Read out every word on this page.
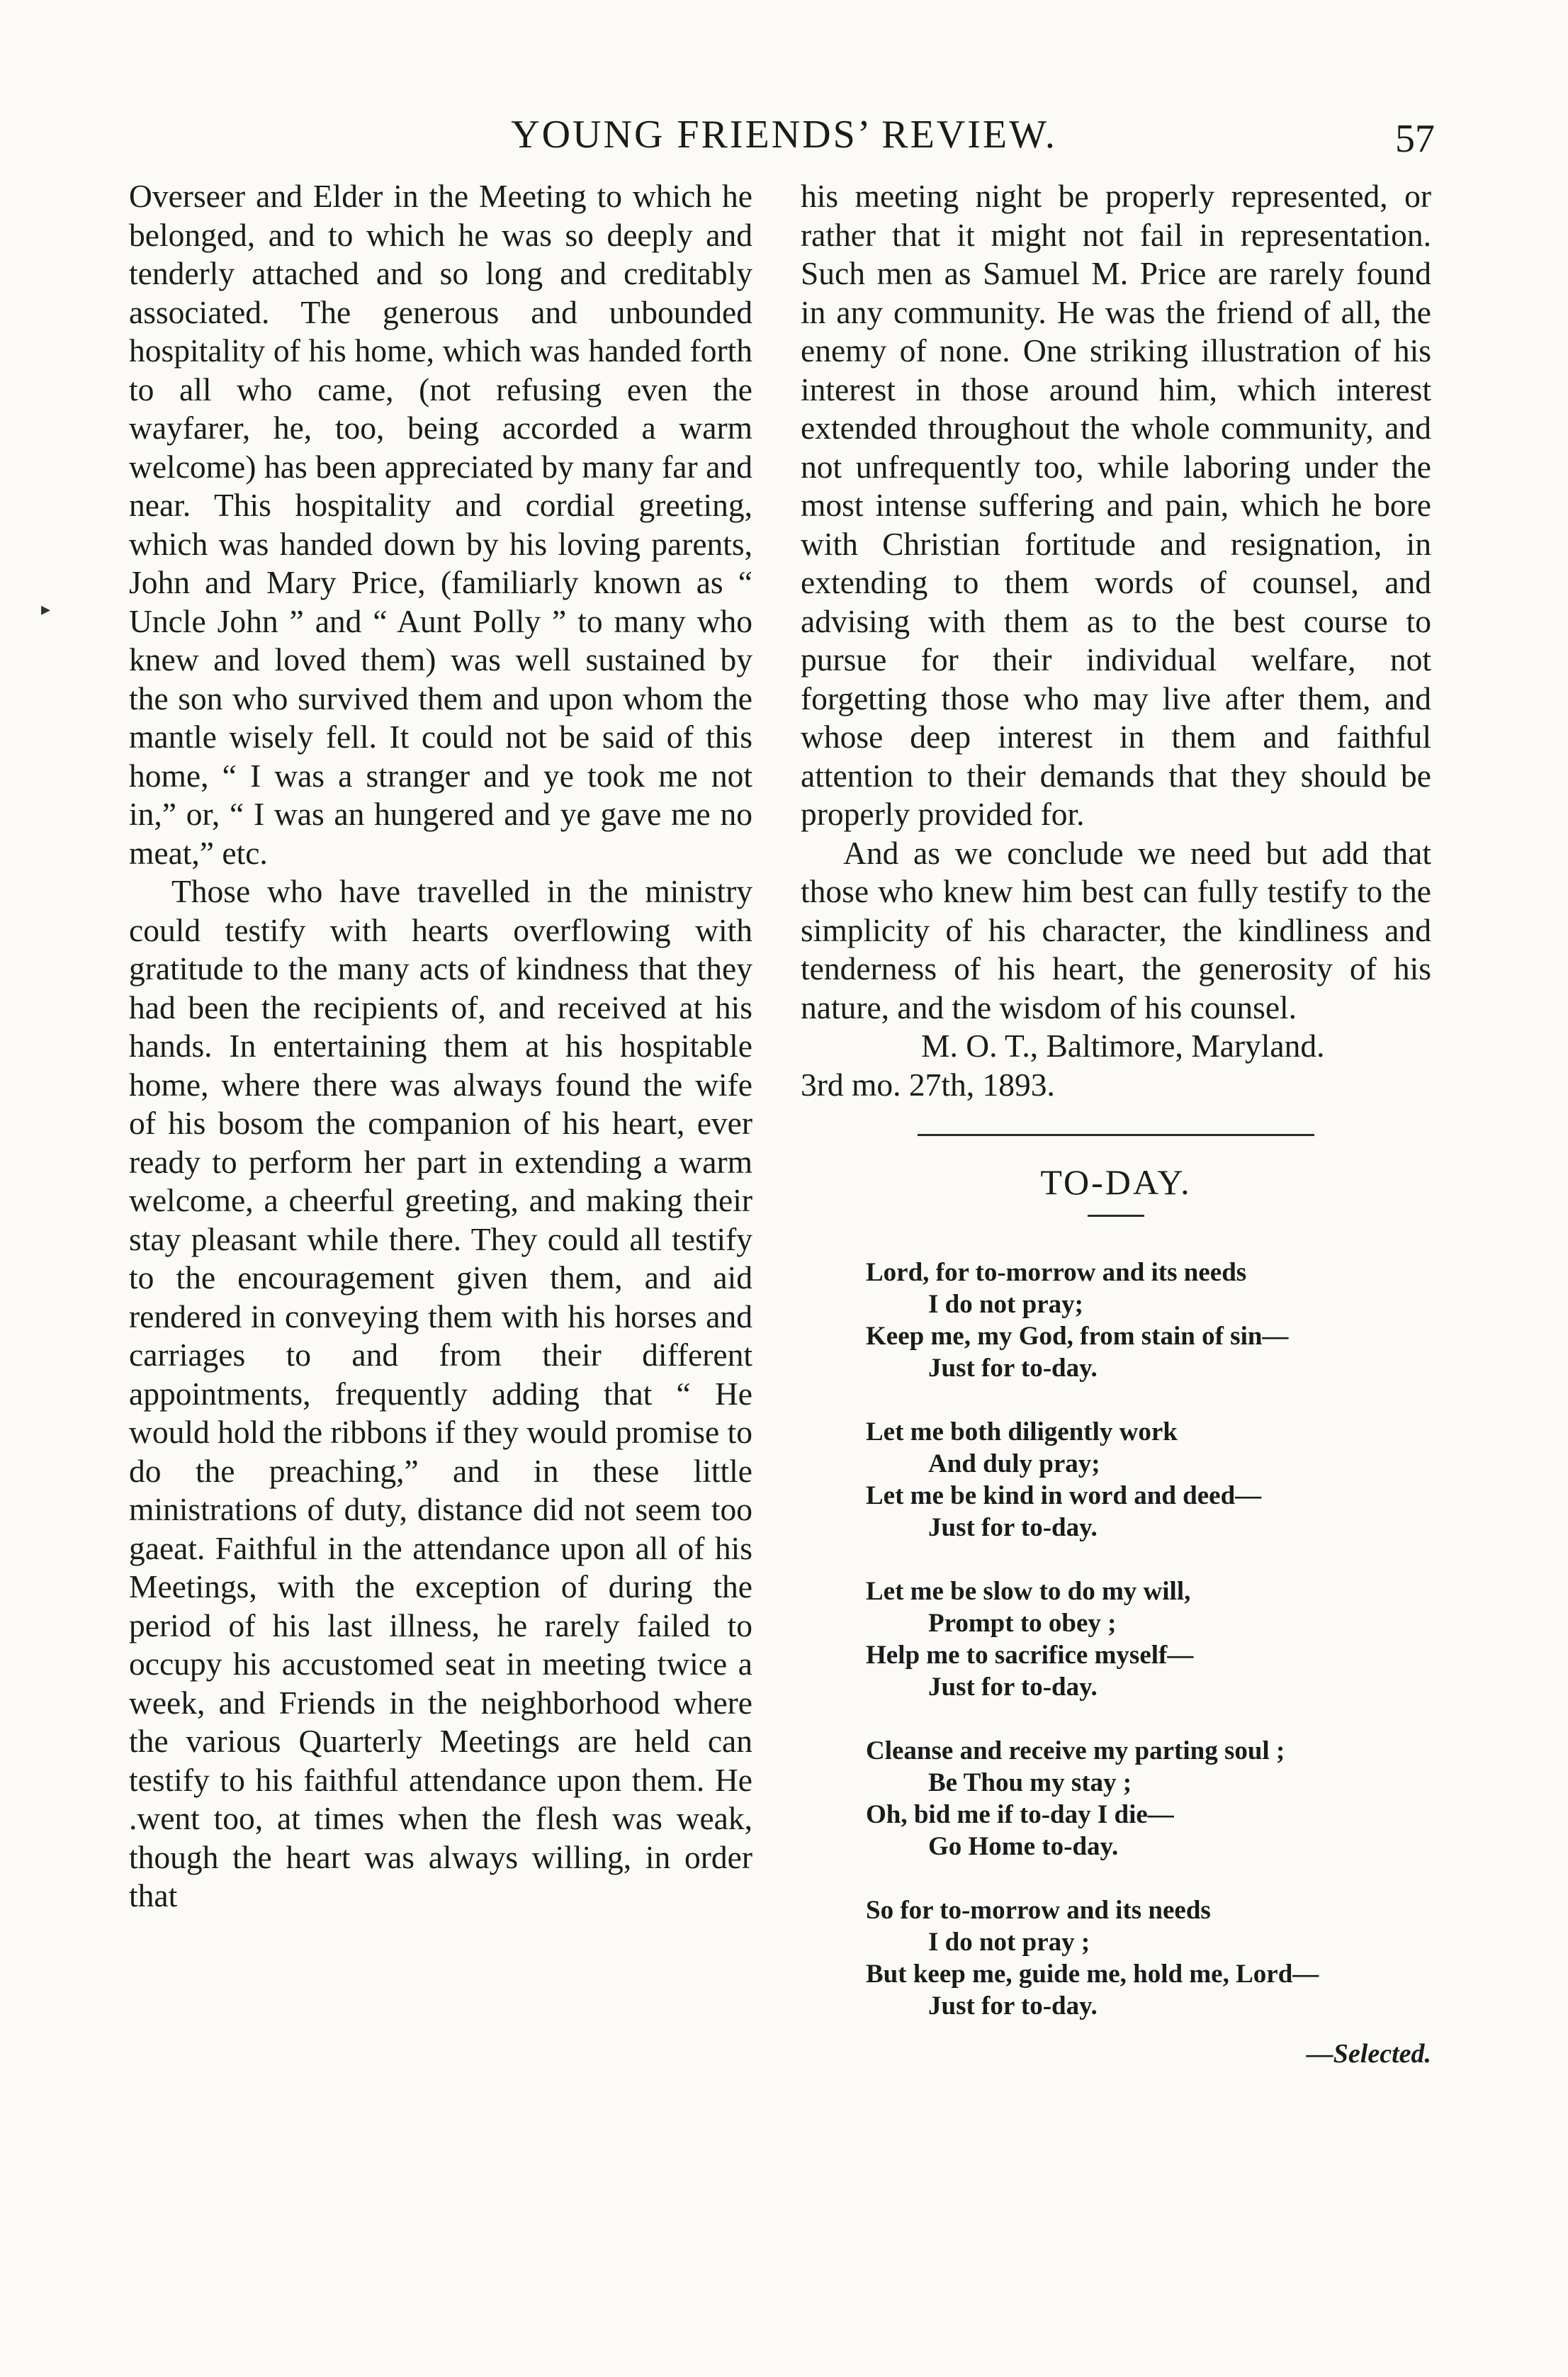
YOUNG FRIENDS’ REVIEW.	57
▸

Overseer and Elder in the Meeting to which he belonged, and to which he was so deeply and tenderly attached and so long and creditably associated. The generous and unbounded hospitality of his home, which was handed forth to all who came, (not refusing even the wayfarer, he, too, being accorded a warm welcome) has been appreciated by many far and near. This hospitality and cordial greeting, which was handed down by his loving parents, John and Mary Price, (familiarly known as “ Uncle John ” and “ Aunt Polly ” to many who knew and loved them) was well sustained by the son who survived them and upon whom the mantle wisely fell. It could not be said of this home, “ I was a stranger and ye took me not in,” or, “ I was an hungered and ye gave me no meat,” etc.

Those who have travelled in the ministry could testify with hearts overflowing with gratitude to the many acts of kindness that they had been the recipients of, and received at his hands. In entertaining them at his hospitable home, where there was always found the wife of his bosom the companion of his heart, ever ready to perform her part in extending a warm welcome, a cheerful greeting, and making their stay pleasant while there. They could all testify to the encouragement given them, and aid rendered in conveying them with his horses and carriages to and from their different appointments, frequently adding that “ He would hold the ribbons if they would promise to do the preaching,” and in these little ministrations of duty, distance did not seem too gaeat. Faithful in the attendance upon all of his Meetings, with the exception of during the period of his last illness, he rarely failed to occupy his accustomed seat in meeting twice a week, and Friends in the neighborhood where the various Quarterly Meetings are held can testify to his faithful attendance upon them. He .went too, at times when the flesh was weak, though the heart was always willing, in order that

his meeting night be properly represented, or rather that it might not fail in representation. Such men as Samuel M. Price are rarely found in any community. He was the friend of all, the enemy of none. One striking illustration of his interest in those around him, which interest extended throughout the whole community, and not unfrequently too, while laboring under the most intense suffering and pain, which he bore with Christian fortitude and resignation, in extending to them words of counsel, and advising with them as to the best course to pursue for their individual welfare, not forgetting those who may live after them, and whose deep interest in them and faithful attention to their demands that they should be properly provided for.

And as we conclude we need but add that those who knew him best can fully testify to the simplicity of his character, the kindliness and tenderness of his heart, the generosity of his nature, and the wisdom of his counsel.

M. O. T., Baltimore, Maryland.

3rd mo. 27th, 1893.

TO-DAY.
Lord, for to-morrow and its needs
I do not pray;
Keep me, my God, from stain of sin—
Just for to-day.
Let me both diligently work
And duly pray;
Let me be kind in word and deed—
Just for to-day.
Let me be slow to do my will,
Prompt to obey ;
Help me to sacrifice myself—
Just for to-day.
Cleanse and receive my parting soul ;
Be Thou my stay ;
Oh, bid me if to-day I die—
Go Home to-day.
So for to-morrow and its needs
I do not pray ;
But keep me, guide me, hold me, Lord—
Just for to-day.
—Selected.
